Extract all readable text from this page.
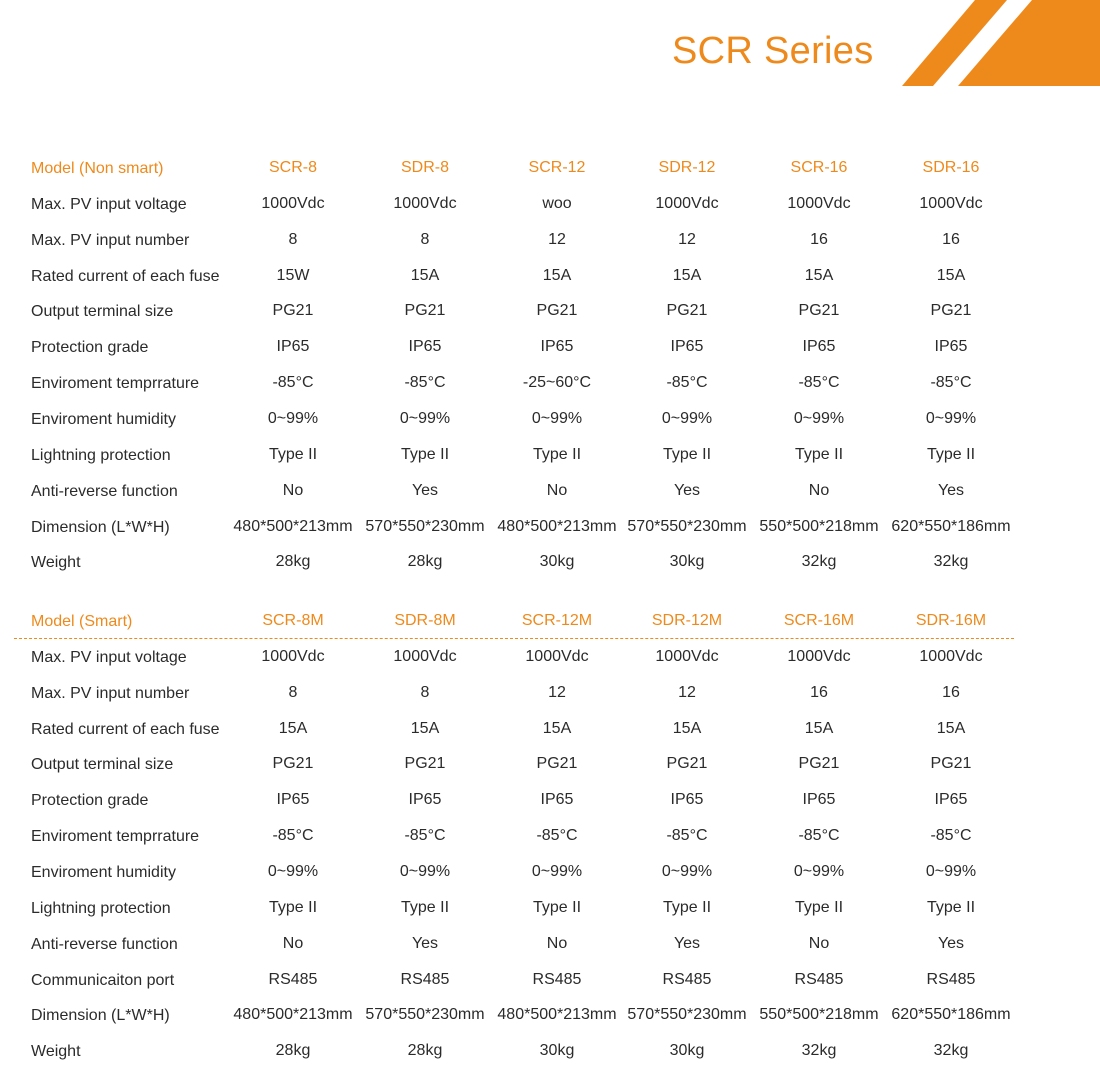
SCR Series
Model (Non smart)	SCR-8	SDR-8	SCR-12	SDR-12	SCR-16	SDR-16
Max. PV input voltage	1000Vdc	1000Vdc	woo	1000Vdc	1000Vdc	1000Vdc
Max. PV input number	8	8	12	12	16	16
Rated current of each fuse	15W	15A	15A	15A	15A	15A
Output terminal size	PG21	PG21	PG21	PG21	PG21	PG21
Protection grade	IP65	IP65	IP65	IP65	IP65	IP65
Enviroment temprrature	-85°C	-85°C	-25~60°C	-85°C	-85°C	-85°C
Enviroment humidity	0~99%	0~99%	0~99%	0~99%	0~99%	0~99%
Lightning protection	Type II	Type II	Type II	Type II	Type II	Type II
Anti-reverse function	No	Yes	No	Yes	No	Yes
Dimension (L*W*H)	480*500*213mm 570*550*230mm 480*500*213mm 570*550*230mm 550*500*218mm 620*550*186mm
Weight	28kg	28kg	30kg	30kg	32kg	32kg
Model (Smart)	SCR-8M	SDR-8M	SCR-12M	SDR-12M	SCR-16M	SDR-16M
Max. PV input voltage	1000Vdc	1000Vdc	1000Vdc	1000Vdc	1000Vdc	1000Vdc
Max. PV input number	8	8	12	12	16	16
Rated current of each fuse	15A	15A	15A	15A	15A	15A
Output terminal size	PG21	PG21	PG21	PG21	PG21	PG21
Protection grade	IP65	IP65	IP65	IP65	IP65	IP65
Enviroment temprrature	-85°C	-85°C	-85°C	-85°C	-85°C	-85°C
Enviroment humidity	0~99%	0~99%	0~99%	0~99%	0~99%	0~99%
Lightning protection	Type II	Type II	Type II	Type II	Type II	Type II
Anti-reverse function	No	Yes	No	Yes	No	Yes
Communicaiton port	RS485	RS485	RS485	RS485	RS485	RS485
Dimension (L*W*H)	480*500*213mm 570*550*230mm 480*500*213mm 570*550*230mm 550*500*218mm 620*550*186mm
Weight	28kg	28kg	30kg	30kg	32kg	32kg
